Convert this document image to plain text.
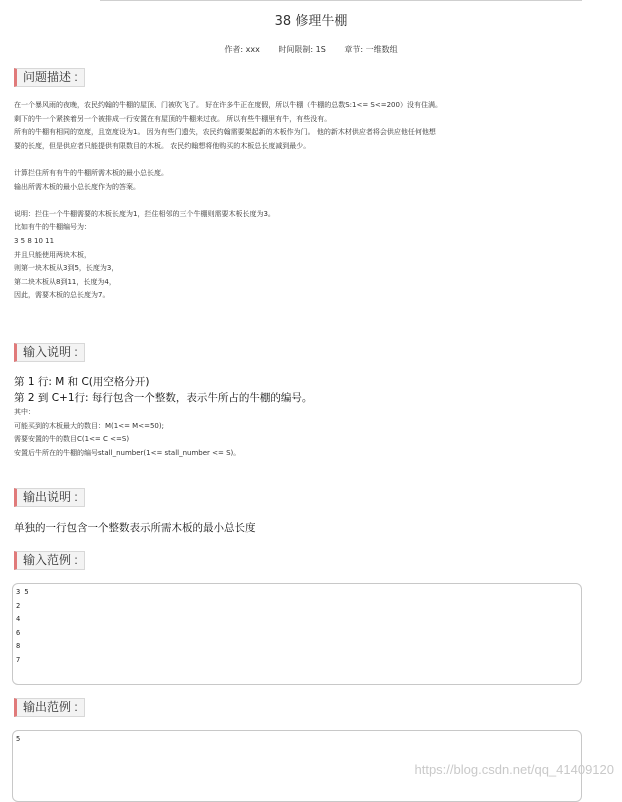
38 修理牛棚
作者: xxx 时间限制: 1S 章节: 一维数组
问题描述 :
在一个暴风雨的夜晚，农民约翰的牛棚的屋顶、门被吹飞了。 好在许多牛正在度假，所以牛棚（牛棚的总数S:1<= S<=200）没有住满。
剩下的牛一个紧挨着另一个被排成一行安置在有屋顶的牛棚来过夜。 所以有些牛棚里有牛，有些没有。
所有的牛棚有相同的宽度，且宽度设为1。 因为有些门遗失，农民约翰需要架起新的木板作为门。 他的新木材供应者将会供应他任何他想
要的长度，但是供应者只能提供有限数目的木板。 农民约翰想将他购买的木板总长度减到最少。

计算拦住所有有牛的牛棚所需木板的最小总长度。
输出所需木板的最小总长度作为的答案。

说明：拦住一个牛棚需要的木板长度为1，拦住相邻的三个牛棚则需要木板长度为3。
比如有牛的牛棚编号为：
3 5 8 10 11
并且只能使用两块木板，
则第一块木板从3到5，长度为3，
第二块木板从8到11，长度为4，
因此，需要木板的总长度为7。
输入说明 :
第 1 行: M 和 C(用空格分开)
第 2 到 C+1行: 每行包含一个整数，表示牛所占的牛棚的编号。
其中：
可能买到的木板最大的数目：M(1<= M<=50);
需要安置的牛的数目C(1<= C <=S)
安置后牛所在的牛棚的编号stall_number(1<= stall_number <= S)。
输出说明 :
单独的一行包含一个整数表示所需木板的最小总长度
输入范例 :
3 5
2
4
6
8
7
输出范例 :
5
https://blog.csdn.net/qq_41409120
